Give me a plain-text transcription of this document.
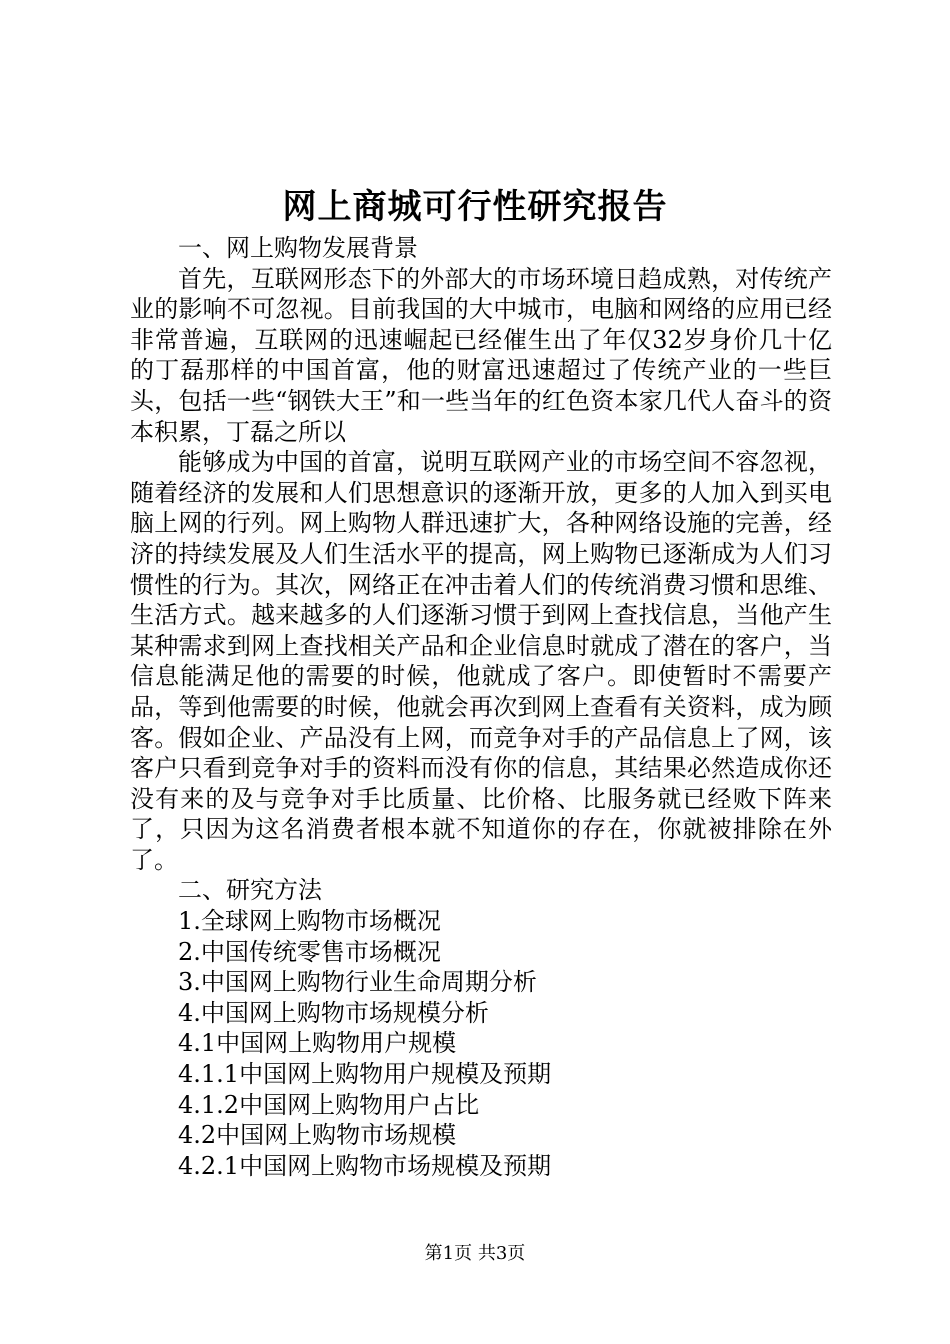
网上商城可行性研究报告

一、网上购物发展背景

首先，互联网形态下的外部大的市场环境日趋成熟，对传统产业的影响不可忽视。目前我国的大中城市，电脑和网络的应用已经非常普遍，互联网的迅速崛起已经催生出了年仅32岁身价几十亿的丁磊那样的中国首富，他的财富迅速超过了传统产业的一些巨头，包括一些“钢铁大王”和一些当年的红色资本家几代人奋斗的资本积累，丁磊之所以

能够成为中国的首富，说明互联网产业的市场空间不容忽视，随着经济的发展和人们思想意识的逐渐开放，更多的人加入到买电脑上网的行列。网上购物人群迅速扩大，各种网络设施的完善，经济的持续发展及人们生活水平的提高，网上购物已逐渐成为人们习惯性的行为。其次，网络正在冲击着人们的传统消费习惯和思维、生活方式。越来越多的人们逐渐习惯于到网上查找信息，当他产生某种需求到网上查找相关产品和企业信息时就成了潜在的客户，当信息能满足他的需要的时候，他就成了客户。即使暂时不需要产品，等到他需要的时候，他就会再次到网上查看有关资料，成为顾客。假如企业、产品没有上网，而竞争对手的产品信息上了网，该客户只看到竞争对手的资料而没有你的信息，其结果必然造成你还没有来的及与竞争对手比质量、比价格、比服务就已经败下阵来了，只因为这名消费者根本就不知道你的存在，你就被排除在外了。

二、研究方法

1.全球网上购物市场概况
2.中国传统零售市场概况
3.中国网上购物行业生命周期分析
4.中国网上购物市场规模分析
4.1中国网上购物用户规模
4.1.1中国网上购物用户规模及预期
4.1.2中国网上购物用户占比
4.2中国网上购物市场规模
4.2.1中国网上购物市场规模及预期

第1页 共3页
